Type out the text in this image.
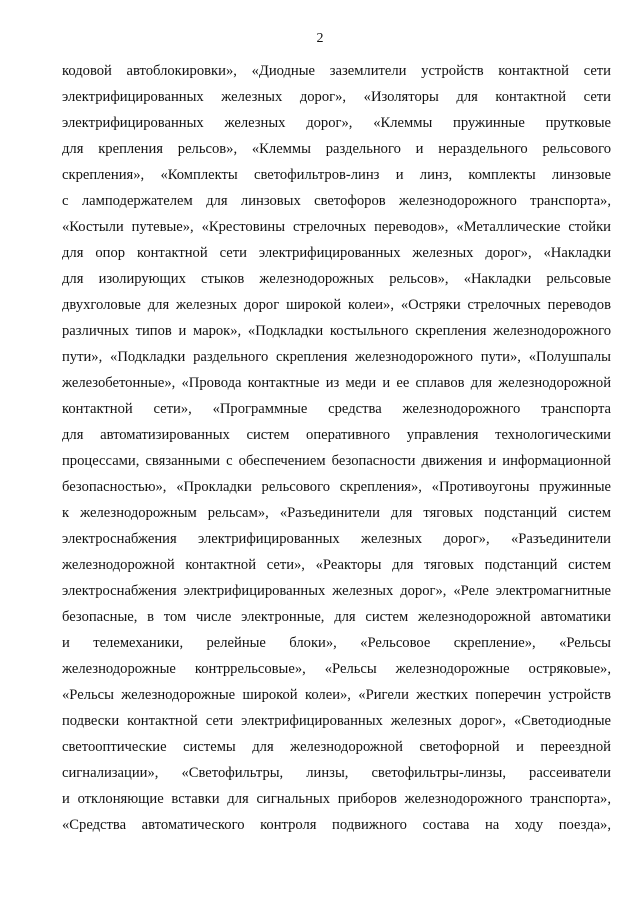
2
кодовой автоблокировки», «Диодные заземлители устройств контактной сети
электрифицированных железных дорог», «Изоляторы для контактной сети
электрифицированных железных дорог», «Клеммы пружинные прутковые
для крепления рельсов», «Клеммы раздельного и нераздельного рельсового
скрепления», «Комплекты светофильтров-линз и линз, комплекты линзовые
с ламподержателем для линзовых светофоров железнодорожного транспорта»,
«Костыли путевые», «Крестовины стрелочных переводов», «Металлические стойки
для опор контактной сети электрифицированных железных дорог», «Накладки
для изолирующих стыков железнодорожных рельсов», «Накладки рельсовые
двухголовые для железных дорог широкой колеи», «Остряки стрелочных переводов
различных типов и марок», «Подкладки костыльного скрепления железнодорожного
пути», «Подкладки раздельного скрепления железнодорожного пути», «Полушпалы
железобетонные», «Провода контактные из меди и ее сплавов для железнодорожной
контактной сети», «Программные средства железнодорожного транспорта
для автоматизированных систем оперативного управления технологическими
процессами, связанными с обеспечением безопасности движения и информационной
безопасностью», «Прокладки рельсового скрепления», «Противоугоны пружинные
к железнодорожным рельсам», «Разъединители для тяговых подстанций систем
электроснабжения электрифицированных железных дорог», «Разъединители
железнодорожной контактной сети», «Реакторы для тяговых подстанций систем
электроснабжения электрифицированных железных дорог», «Реле электромагнитные
безопасные, в том числе электронные, для систем железнодорожной автоматики
и телемеханики, релейные блоки», «Рельсовое скрепление», «Рельсы
железнодорожные контррельсовые», «Рельсы железнодорожные остряковые»,
«Рельсы железнодорожные широкой колеи», «Ригели жестких поперечин устройств
подвески контактной сети электрифицированных железных дорог», «Светодиодные
светооптические системы для железнодорожной светофорной и переездной
сигнализации», «Светофильтры, линзы, светофильтры-линзы, рассеиватели
и отклоняющие вставки для сигнальных приборов железнодорожного транспорта»,
«Средства автоматического контроля подвижного состава на ходу поезда»,
